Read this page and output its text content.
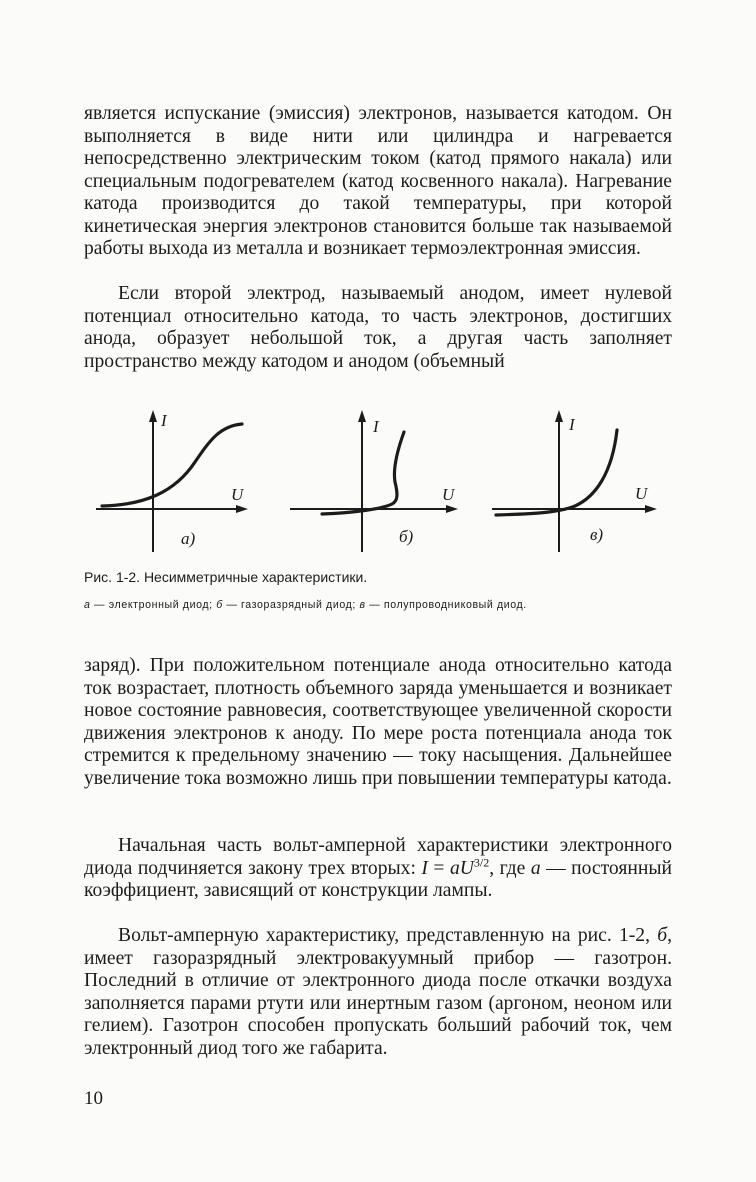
является испускание (эмиссия) электронов, называется катодом. Он выполняется в виде нити или цилиндра и нагревается непосредственно электрическим током (катод прямого накала) или специальным подогревателем (катод косвенного накала). Нагревание катода производится до такой температуры, при которой кинетическая энергия электронов становится больше так называемой работы выхода из металла и возникает термоэлектронная эмиссия.

Если второй электрод, называемый анодом, имеет нулевой потенциал относительно катода, то часть электронов, достигших анода, образует небольшой ток, а другая часть заполняет пространство между катодом и анодом (объемный

I
U
а)
I
U
б)
I
U
в)

Рис. 1-2. Несимметричные характеристики.

а — электронный диод; б — газоразрядный диод; в — полупроводниковый диод.

заряд). При положительном потенциале анода относительно катода ток возрастает, плотность объемного заряда уменьшается и возникает новое состояние равновесия, соответствующее увеличенной скорости движения электронов к аноду. По мере роста потенциала анода ток стремится к предельному значению — току насыщения. Дальнейшее увеличение тока возможно лишь при повышении температуры катода.

Начальная часть вольт-амперной характеристики электронного диода подчиняется закону трех вторых: $I = aU^{3/2}$, где a — постоянный коэффициент, зависящий от конструкции лампы.

Вольт-амперную характеристику, представленную на рис. 1-2, б, имеет газоразрядный электровакуумный прибор — газотрон. Последний в отличие от электронного диода после откачки воздуха заполняется парами ртути или инертным газом (аргоном, неоном или гелием). Газотрон способен пропускать больший рабочий ток, чем электронный диод того же габарита.

10
